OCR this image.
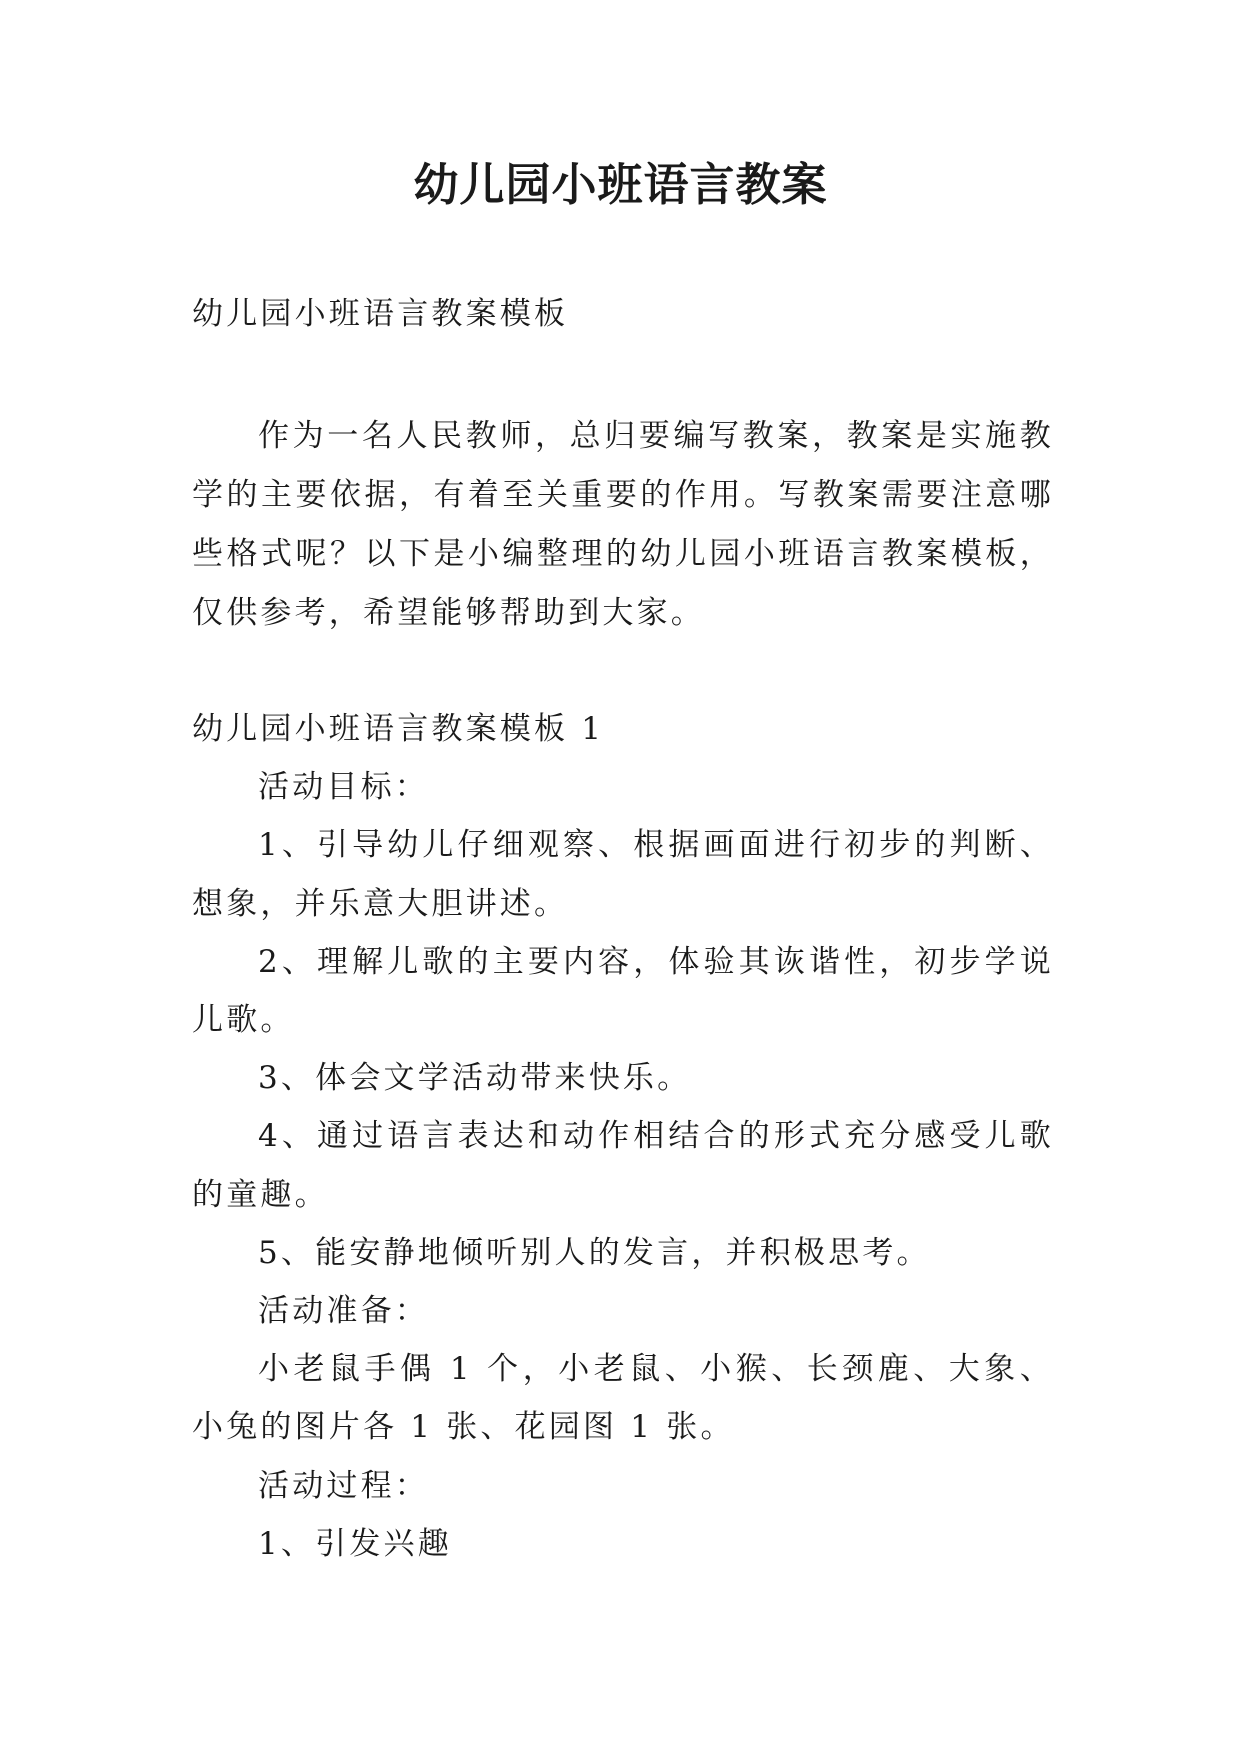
幼儿园小班语言教案
幼儿园小班语言教案模板

作为一名人民教师，总归要编写教案，教案是实施教学的主要依据，有着至关重要的作用。写教案需要注意哪些格式呢？以下是小编整理的幼儿园小班语言教案模板，仅供参考，希望能够帮助到大家。

幼儿园小班语言教案模板 1

活动目标：

1、引导幼儿仔细观察、根据画面进行初步的判断、想象，并乐意大胆讲述。

2、理解儿歌的主要内容，体验其诙谐性，初步学说儿歌。

3、体会文学活动带来快乐。

4、通过语言表达和动作相结合的形式充分感受儿歌的童趣。

5、能安静地倾听别人的发言，并积极思考。

活动准备：

小老鼠手偶 1 个，小老鼠、小猴、长颈鹿、大象、小兔的图片各 1 张、花园图 1 张。

活动过程：

1、引发兴趣
